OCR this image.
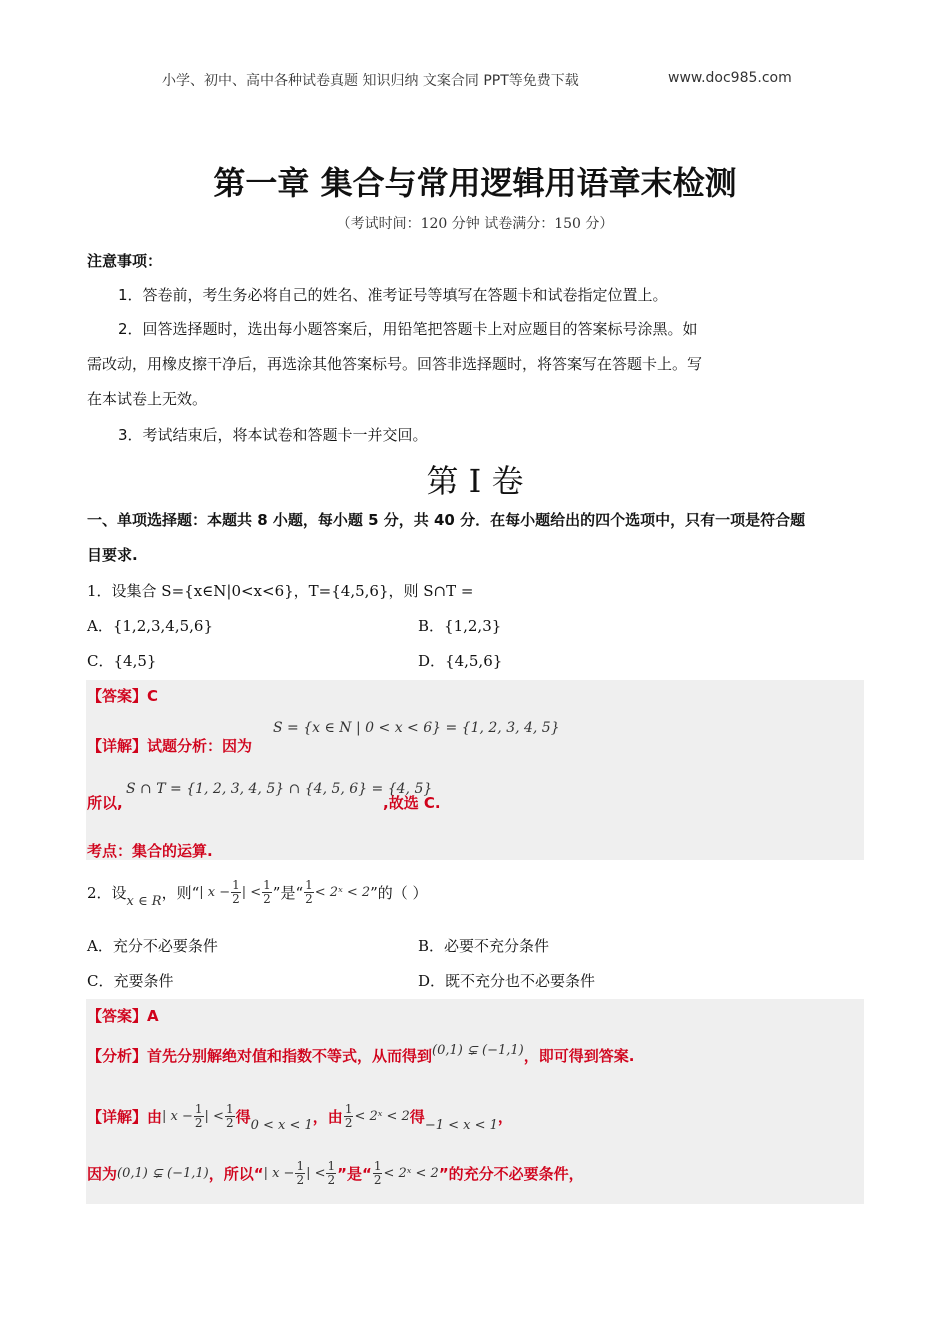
小学、初中、高中各种试卷真题 知识归纳 文案合同 PPT等免费下载	www.doc985.com
第一章 集合与常用逻辑用语章末检测
（考试时间：120 分钟 试卷满分：150 分）
注意事项：
1．答卷前，考生务必将自己的姓名、准考证号等填写在答题卡和试卷指定位置上。
2．回答选择题时，选出每小题答案后，用铅笔把答题卡上对应题目的答案标号涂黑。如
需改动，用橡皮擦干净后，再选涂其他答案标号。回答非选择题时，将答案写在答题卡上。写
在本试卷上无效。
3．考试结束后，将本试卷和答题卡一并交回。
第 I 卷
一、单项选择题：本题共 8 小题，每小题 5 分，共 40 分．在每小题给出的四个选项中，只有一项是符合题
目要求.
1．设集合 S={x∈N|0<x<6}，T={4,5,6}，则 S∩T =
A．{1,2,3,4,5,6}	B．{1,2,3}
C．{4,5}	D．{4,5,6}
【答案】C
【详解】试题分析：因为
S = {x ∈ N | 0 < x < 6} = {1, 2, 3, 4, 5}
所以,
S ∩ T = {1, 2, 3, 4, 5} ∩ {4, 5, 6} = {4, 5}
,故选 C.
考点：集合的运算.
2．设 x ∈ R ，则“ | $x - \frac{1}{2}$ | < $\frac{1}{2}$ ”是“ $\frac{1}{2}$ < 2ˣ < 2 ”的（ ）
A．充分不必要条件	B．必要不充分条件
C．充要条件	D．既不充分也不必要条件
【答案】A
【分析】首先分别解绝对值和指数不等式，从而得到 (0,1) ⊊ (−1,1) ，即可得到答案.
【详解】由 | $x - \frac{1}{2}$ | < $\frac{1}{2}$ 得 0 < x < 1 ，由 $\frac{1}{2}$ < 2ˣ < 2 得 −1 < x < 1 ，
因为 (0,1) ⊊ (−1,1) ，所以“ | $x - \frac{1}{2}$ | < $\frac{1}{2}$ ”是“ $\frac{1}{2}$ < 2ˣ < 2 ”的充分不必要条件，
